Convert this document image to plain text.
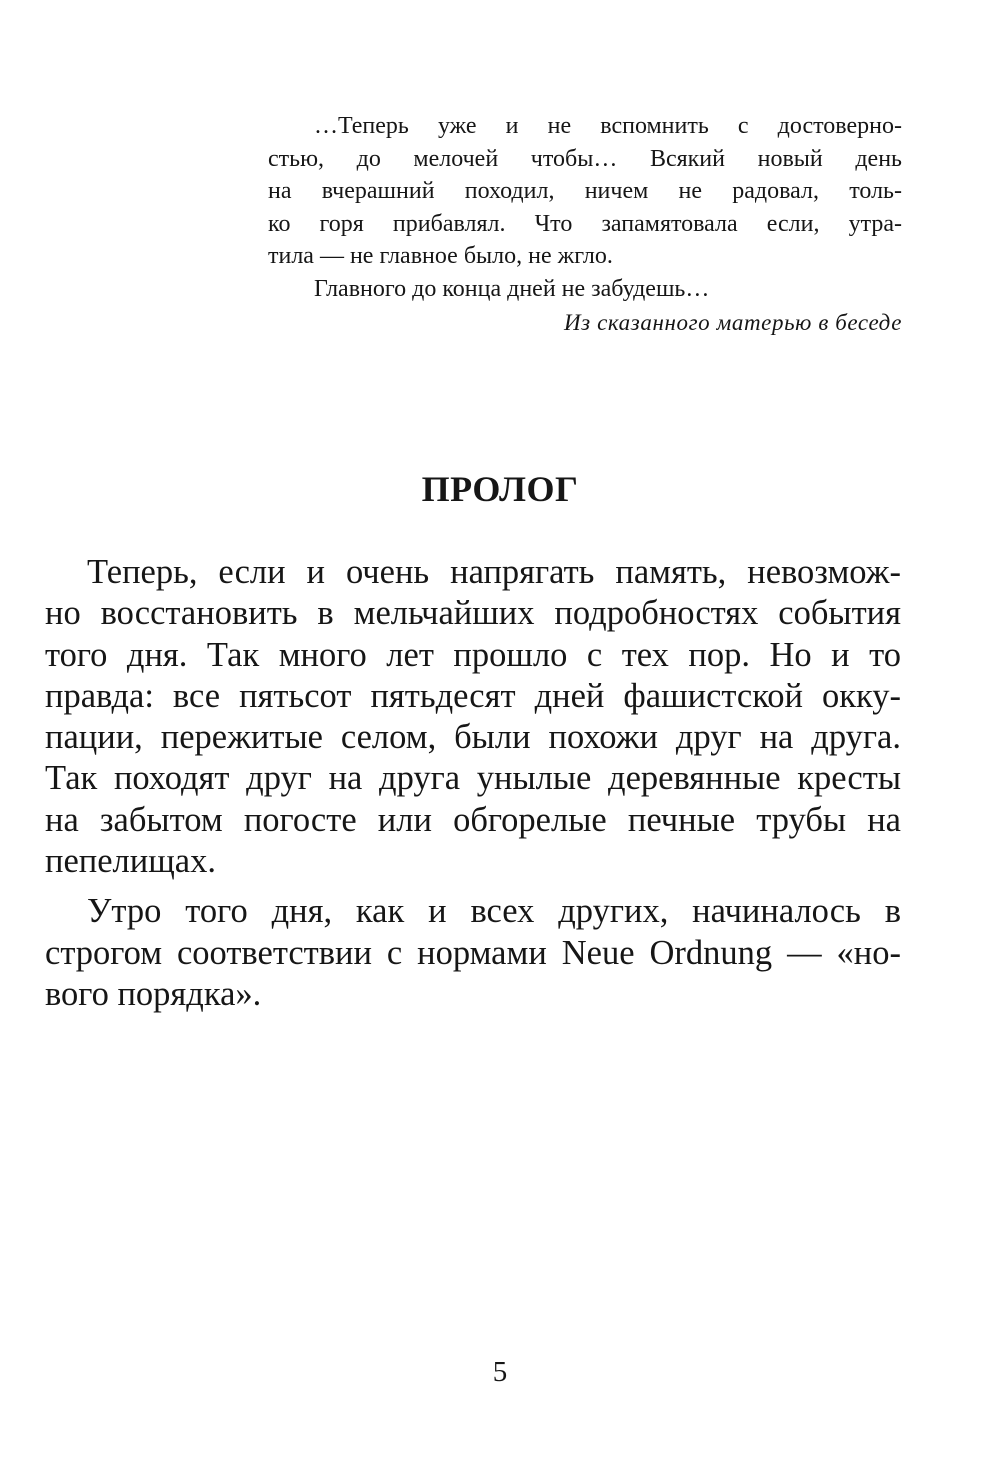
…Теперь уже и не вспомнить с достоверно-
стью, до мелочей чтобы… Всякий новый день
на вчерашний походил, ничем не радовал, толь-
ко горя прибавлял. Что запамятовала если, утра-
тила — не главное было, не жгло.
Главного до конца дней не забудешь…
Из сказанного матерью в беседе
ПРОЛОГ
Теперь, если и очень напрягать память, невозмож-
но восстановить в мельчайших подробностях события
того дня. Так много лет прошло с тех пор. Но и то
правда: все пятьсот пятьдесят дней фашистской окку-
пации, пережитые селом, были похожи друг на друга.
Так походят друг на друга унылые деревянные кресты
на забытом погосте или обгорелые печные трубы на
пепелищах.
Утро того дня, как и всех других, начиналось в
строгом соответствии с нормами Neue Ordnung — «но-
вого порядка».
5
